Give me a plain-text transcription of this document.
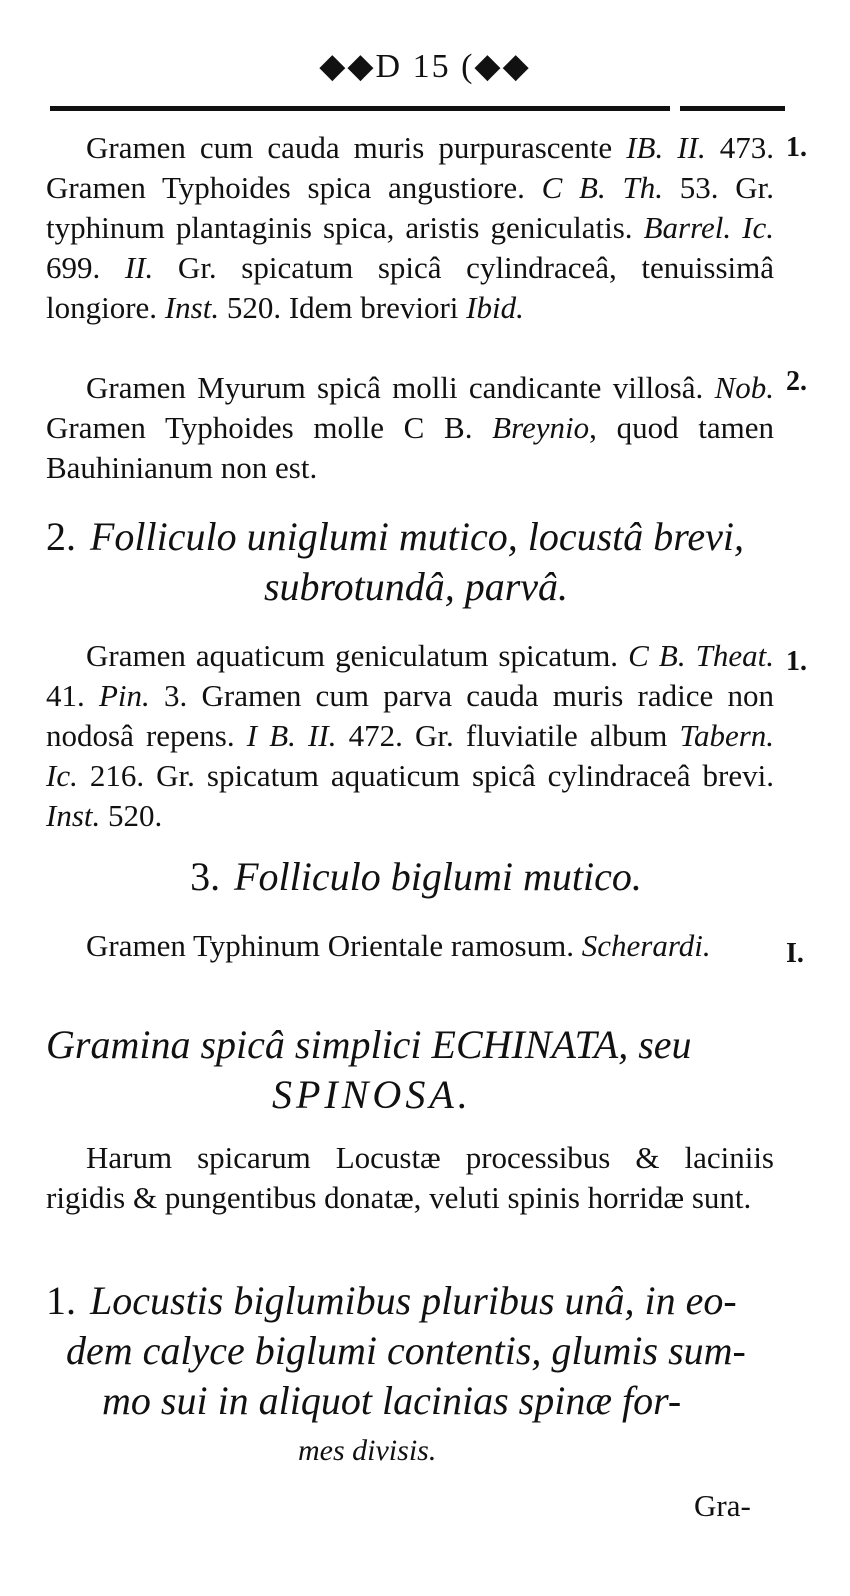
◆◆D 15 (◆◆

Gramen cum cauda muris purpurascente IB. II. 473. Gramen Typhoides spica angustiore. C B. Th. 53. Gr. typhinum plantaginis spica, aristis geniculatis. Barrel. Ic. 699. II. Gr. spicatum spicâ cylindraceâ, tenuissimâ longiore. Inst. 520. Idem breviori Ibid.

1.

Gramen Myurum spicâ molli candicante villosâ. Nob. Gramen Typhoides molle C B. Breynio, quod tamen Bauhinianum non est.

2.
2. Folliculo uniglumi mutico, locustâ brevi,
subrotundâ, parvâ.

Gramen aquaticum geniculatum spicatum. C B. Theat. 41. Pin. 3. Gramen cum parva cauda muris radice non nodosâ repens. I B. II. 472. Gr. fluviatile album Tabern. Ic. 216. Gr. spicatum aquaticum spicâ cylindraceâ brevi. Inst. 520.

1.
3. Folliculo biglumi mutico.

Gramen Typhinum Orientale ramosum. Scherardi.	I.
Gramina spicâ simplici ECHINATA, seu
SPINOSA.

Harum spicarum Locustæ processibus & laciniis rigidis & pungentibus donatæ, veluti spinis horridæ sunt.

1. Locustis biglumibus pluribus unâ, in eo-
dem calyce biglumi contentis, glumis sum-
mo sui in aliquot lacinias spinæ for-
mes divisis.
Gra-
